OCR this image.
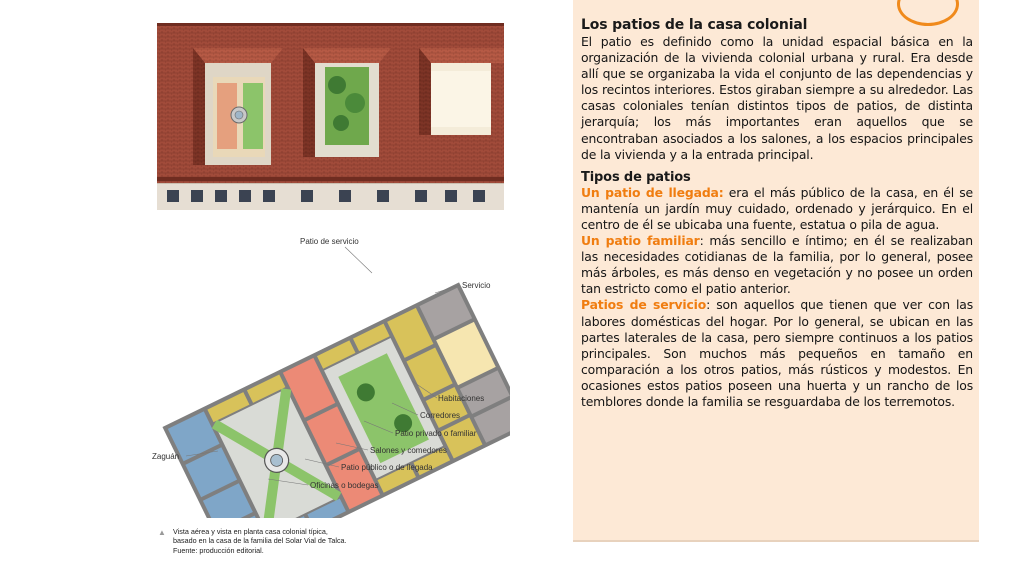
Patio de servicio
Servicio
Habitaciones
Corredores
Patio privado o familiar
Salones y comedores
Patio público o de llegada
Oficinas o bodegas
Zaguán
▲ Vista aérea y vista en planta casa colonial típica,
basado en la casa de la familia del Solar Vial de Talca.
Fuente: producción editorial.
Los patios de la casa colonial

El patio es definido como la unidad espacial básica en la organización de la vivienda colonial urbana y rural. Era desde allí que se organizaba la vida el conjunto de las dependencias y los recintos interiores. Estos giraban siempre a su alrededor. Las casas coloniales tenían distintos tipos de patios, de distinta jerarquía; los más importantes eran aquellos que se encontraban asociados a los salones, a los espacios principales de la vivienda y a la entrada principal.

Tipos de patios

Un patio de llegada: era el más público de la casa, en él se mantenía un jardín muy cuidado, ordenado y jerárquico. En el centro de él se ubicaba una fuente, estatua o pila de agua.

Un patio familiar: más sencillo e íntimo; en él se realizaban las necesidades cotidianas de la familia, por lo general, posee más árboles, es más denso en vegetación y no posee un orden tan estricto como el patio anterior.

Patios de servicio: son aquellos que tienen que ver con las labores domésticas del hogar. Por lo general, se ubican en las partes laterales de la casa, pero siempre continuos a los patios principales. Son muchos más pequeños en tamaño en comparación a los otros patios, más rústicos y modestos. En ocasiones estos patios poseen una huerta y un rancho de los temblores donde la familia se resguardaba de los terremotos.
